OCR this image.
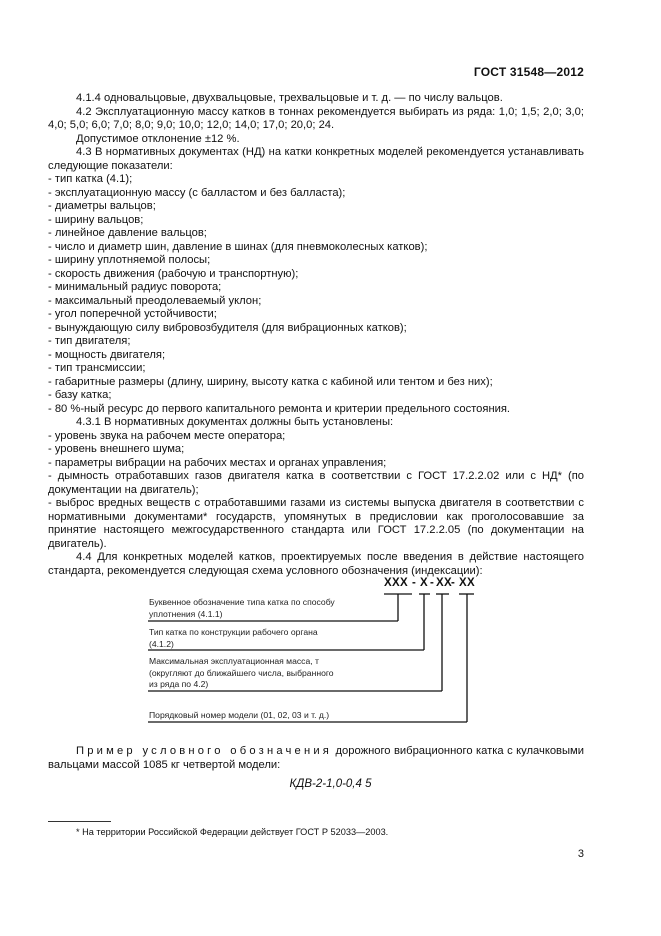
ГОСТ 31548—2012

4.1.4 одновальцовые, двухвальцовые, трехвальцовые и т. д. — по числу вальцов.

4.2 Эксплуатационную массу катков в тоннах рекомендуется выбирать из ряда: 1,0; 1,5; 2,0; 3,0; 4,0; 5,0; 6,0; 7,0; 8,0; 9,0; 10,0; 12,0; 14,0; 17,0; 20,0; 24.

Допустимое отклонение ±12 %.

4.3 В нормативных документах (НД) на катки конкретных моделей рекомендуется устанавливать следующие показатели:

- тип катка (4.1);

- эксплуатационную массу (с балластом и без балласта);

- диаметры вальцов;

- ширину вальцов;

- линейное давление вальцов;

- число и диаметр шин, давление в шинах (для пневмоколесных катков);

- ширину уплотняемой полосы;

- скорость движения (рабочую и транспортную);

- минимальный радиус поворота;

- максимальный преодолеваемый уклон;

- угол поперечной устойчивости;

- вынуждающую силу вибровозбудителя (для вибрационных катков);

- тип двигателя;

- мощность двигателя;

- тип трансмиссии;

- габаритные размеры (длину, ширину, высоту катка с кабиной или тентом и без них);

- базу катка;

- 80 %-ный ресурс до первого капитального ремонта и критерии предельного состояния.

4.3.1 В нормативных документах должны быть установлены:

- уровень звука на рабочем месте оператора;

- уровень внешнего шума;

- параметры вибрации на рабочих местах и органах управления;

- дымность отработавших газов двигателя катка в соответствии с ГОСТ 17.2.2.02 или с НД* (по документации на двигатель);

- выброс вредных веществ с отработавшими газами из системы выпуска двигателя в соответствии с нормативными документами* государств, упомянутых в предисловии как проголосовавшие за принятие настоящего межгосударственного стандарта или ГОСТ 17.2.2.05 (по документации на двигатель).

4.4 Для конкретных моделей катков, проектируемых после введения в действие настоящего стандарта, рекомендуется следующая схема условного обозначения (индексации):

XXX - X - XX - XX
Буквенное обозначение типа катка по способу
уплотнения (4.1.1)
Тип катка по конструкции рабочего органа
(4.1.2)
Максимальная эксплуатационная масса, т
(округляют до ближайшего числа, выбранного
из ряда по 4.2)
Порядковый номер модели (01, 02, 03 и т. д.)
Пример условного обозначения дорожного вибрационного катка с кулачковыми вальцами массой 1085 кг четвертой модели:
КДВ-2-1,0-0,4 5
* На территории Российской Федерации действует ГОСТ Р 52033—2003.
3
